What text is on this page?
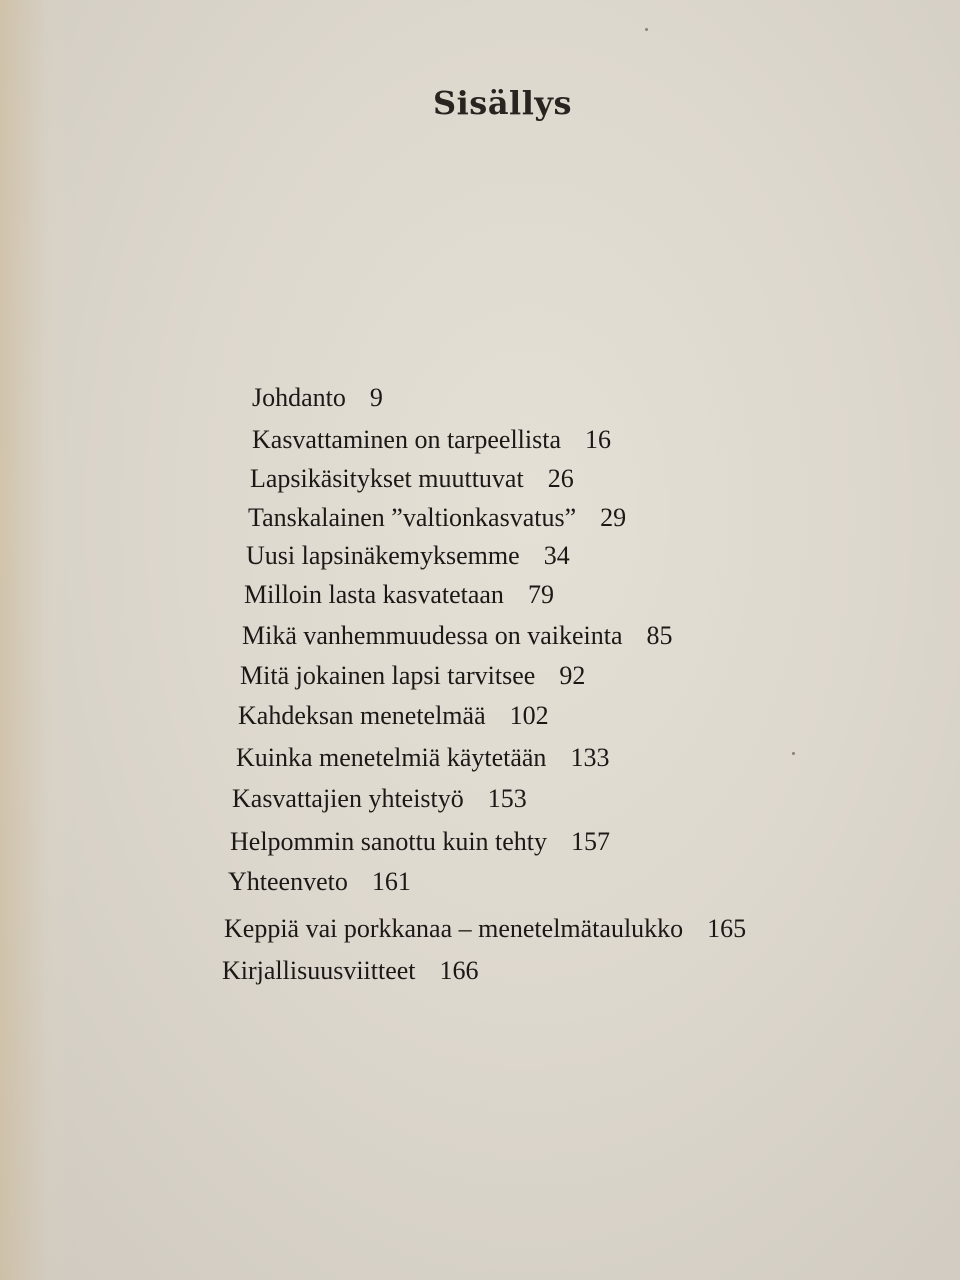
Sisällys
Johdanto 9
Kasvattaminen on tarpeellista 16
Lapsikäsitykset muuttuvat 26
Tanskalainen ”valtionkasvatus” 29
Uusi lapsinäkemyksemme 34
Milloin lasta kasvatetaan 79
Mikä vanhemmuudessa on vaikeinta 85
Mitä jokainen lapsi tarvitsee 92
Kahdeksan menetelmää 102
Kuinka menetelmiä käytetään 133
Kasvattajien yhteistyö 153
Helpommin sanottu kuin tehty 157
Yhteenveto 161
Keppiä vai porkkanaa – menetelmätaulukko 165
Kirjallisuusviitteet 166
